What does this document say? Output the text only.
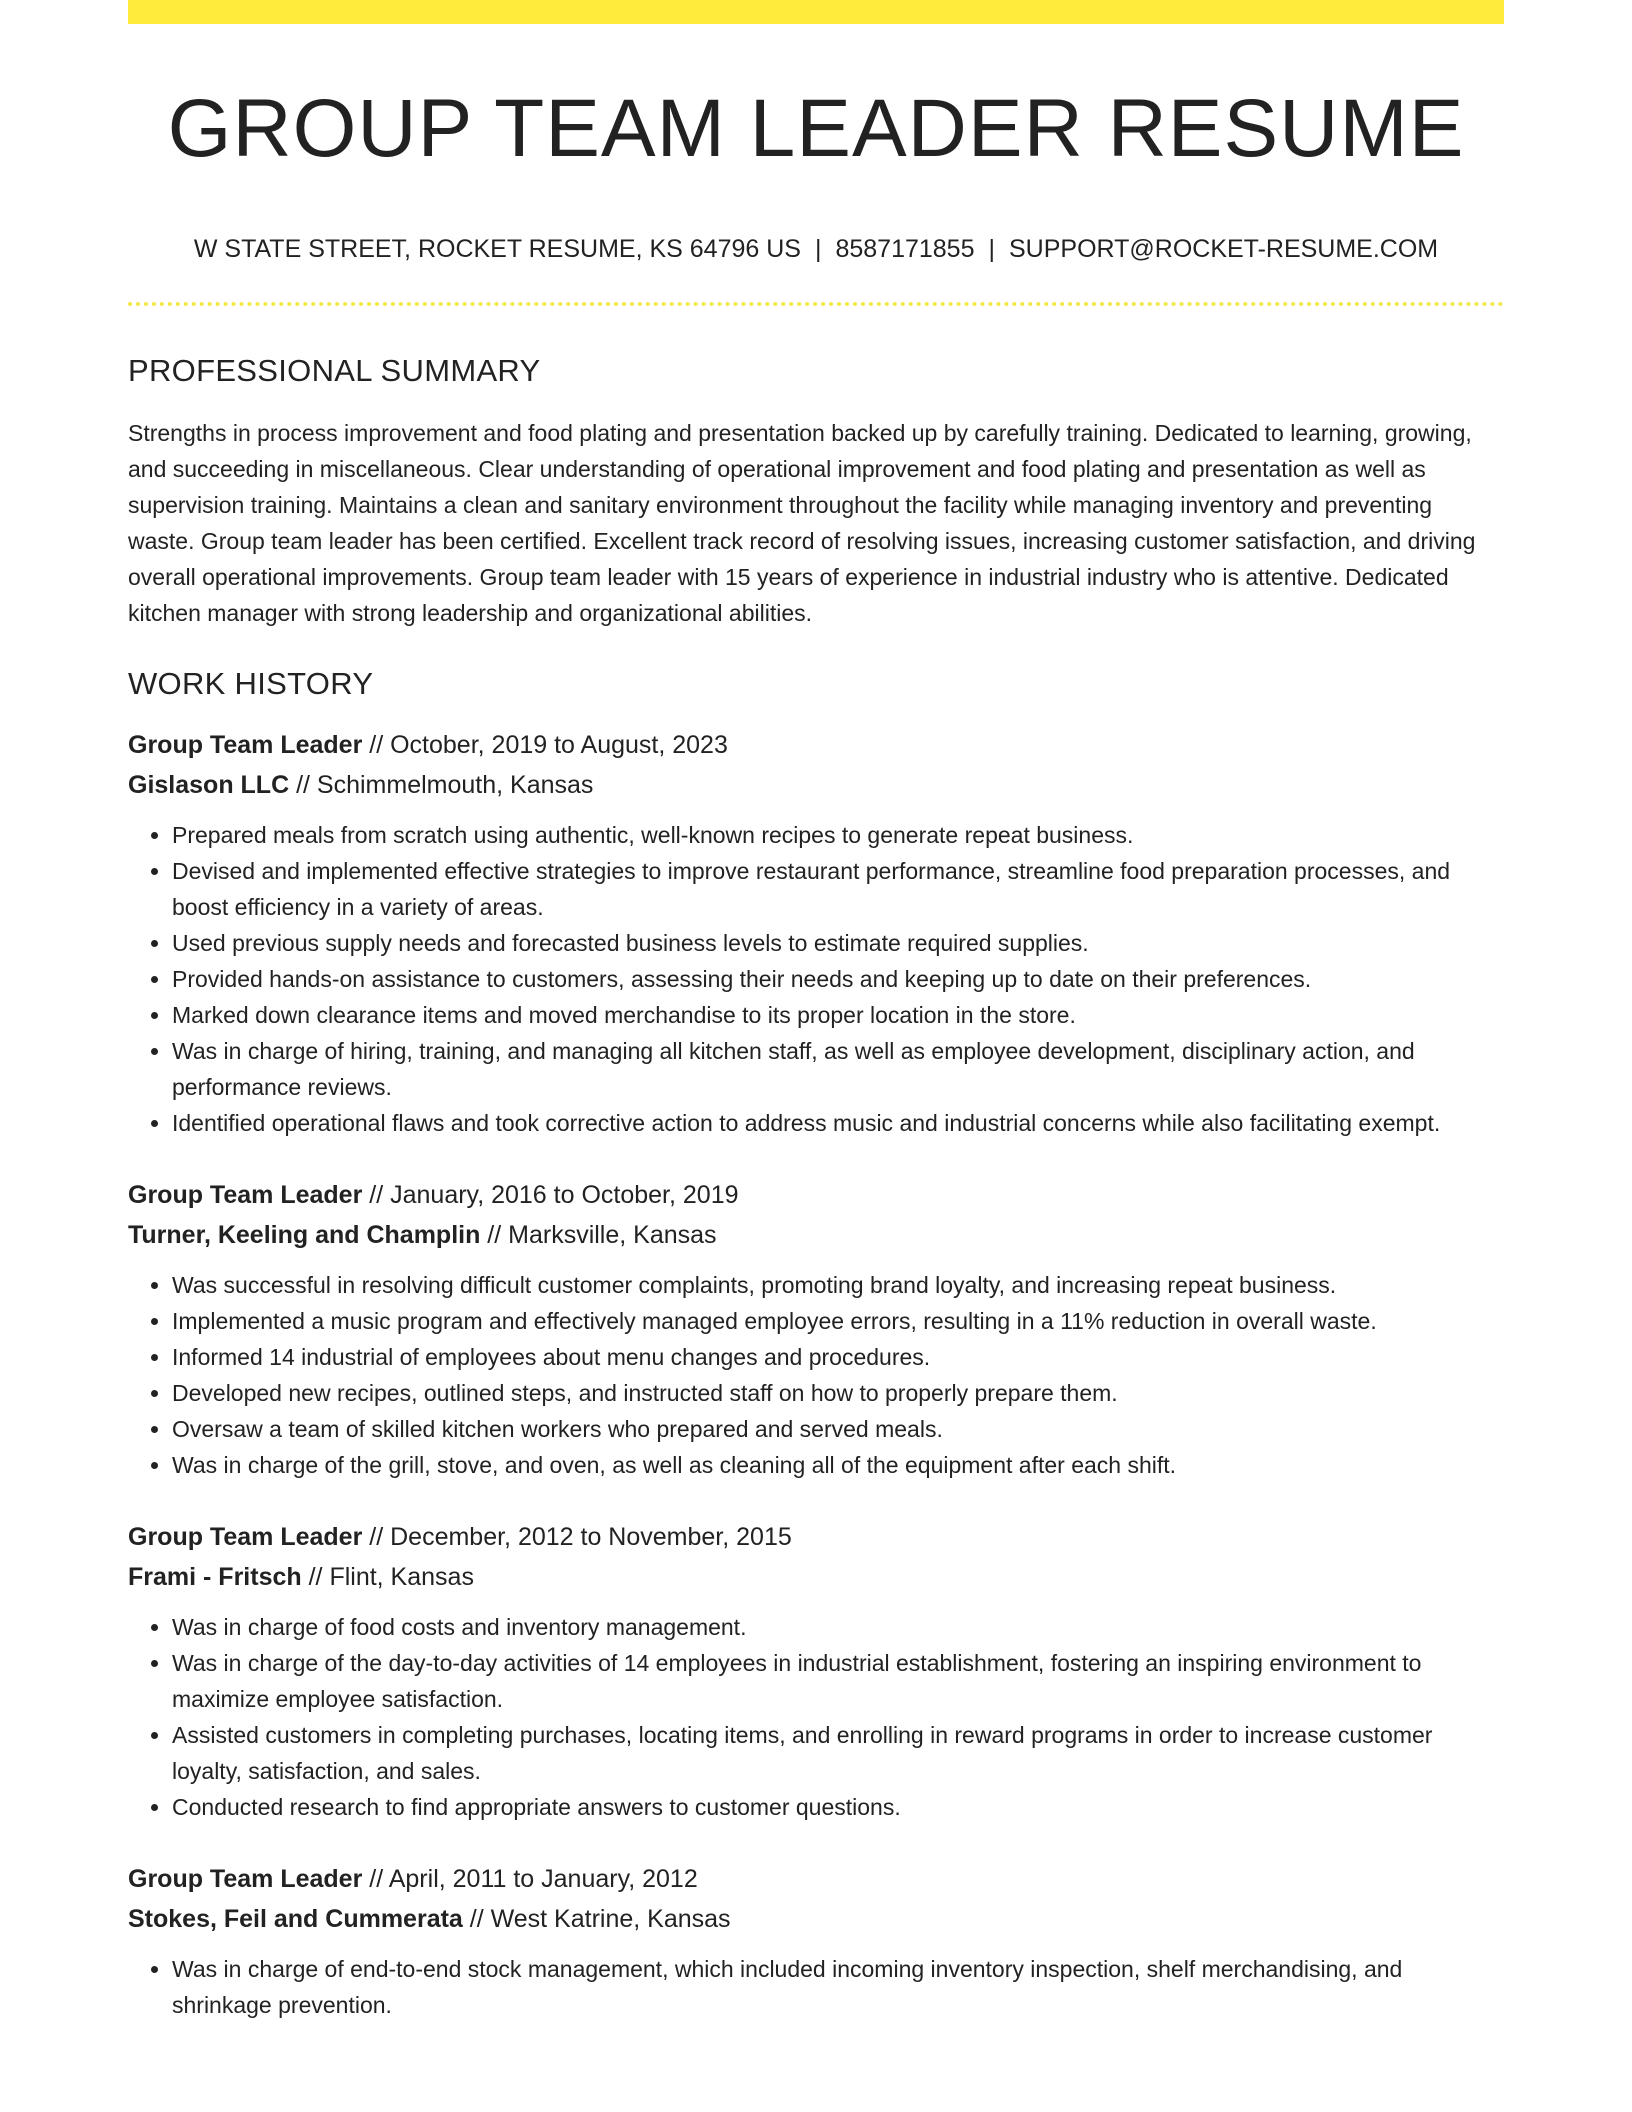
GROUP TEAM LEADER RESUME
W STATE STREET, ROCKET RESUME, KS 64796 US | 8587171855 | SUPPORT@ROCKET-RESUME.COM
PROFESSIONAL SUMMARY

Strengths in process improvement and food plating and presentation backed up by carefully training. Dedicated to learning, growing, and succeeding in miscellaneous. Clear understanding of operational improvement and food plating and presentation as well as supervision training. Maintains a clean and sanitary environment throughout the facility while managing inventory and preventing waste. Group team leader has been certified. Excellent track record of resolving issues, increasing customer satisfaction, and driving overall operational improvements. Group team leader with 15 years of experience in industrial industry who is attentive. Dedicated kitchen manager with strong leadership and organizational abilities.

WORK HISTORY
Group Team Leader // October, 2019 to August, 2023
Gislason LLC // Schimmelmouth, Kansas
• Prepared meals from scratch using authentic, well-known recipes to generate repeat business.
• Devised and implemented effective strategies to improve restaurant performance, streamline food preparation processes, and boost efficiency in a variety of areas.
• Used previous supply needs and forecasted business levels to estimate required supplies.
• Provided hands-on assistance to customers, assessing their needs and keeping up to date on their preferences.
• Marked down clearance items and moved merchandise to its proper location in the store.
• Was in charge of hiring, training, and managing all kitchen staff, as well as employee development, disciplinary action, and performance reviews.
• Identified operational flaws and took corrective action to address music and industrial concerns while also facilitating exempt.
Group Team Leader // January, 2016 to October, 2019
Turner, Keeling and Champlin // Marksville, Kansas
• Was successful in resolving difficult customer complaints, promoting brand loyalty, and increasing repeat business.
• Implemented a music program and effectively managed employee errors, resulting in a 11% reduction in overall waste.
• Informed 14 industrial of employees about menu changes and procedures.
• Developed new recipes, outlined steps, and instructed staff on how to properly prepare them.
• Oversaw a team of skilled kitchen workers who prepared and served meals.
• Was in charge of the grill, stove, and oven, as well as cleaning all of the equipment after each shift.
Group Team Leader // December, 2012 to November, 2015
Frami - Fritsch // Flint, Kansas
• Was in charge of food costs and inventory management.
• Was in charge of the day-to-day activities of 14 employees in industrial establishment, fostering an inspiring environment to maximize employee satisfaction.
• Assisted customers in completing purchases, locating items, and enrolling in reward programs in order to increase customer loyalty, satisfaction, and sales.
• Conducted research to find appropriate answers to customer questions.
Group Team Leader // April, 2011 to January, 2012
Stokes, Feil and Cummerata // West Katrine, Kansas
• Was in charge of end-to-end stock management, which included incoming inventory inspection, shelf merchandising, and shrinkage prevention.
